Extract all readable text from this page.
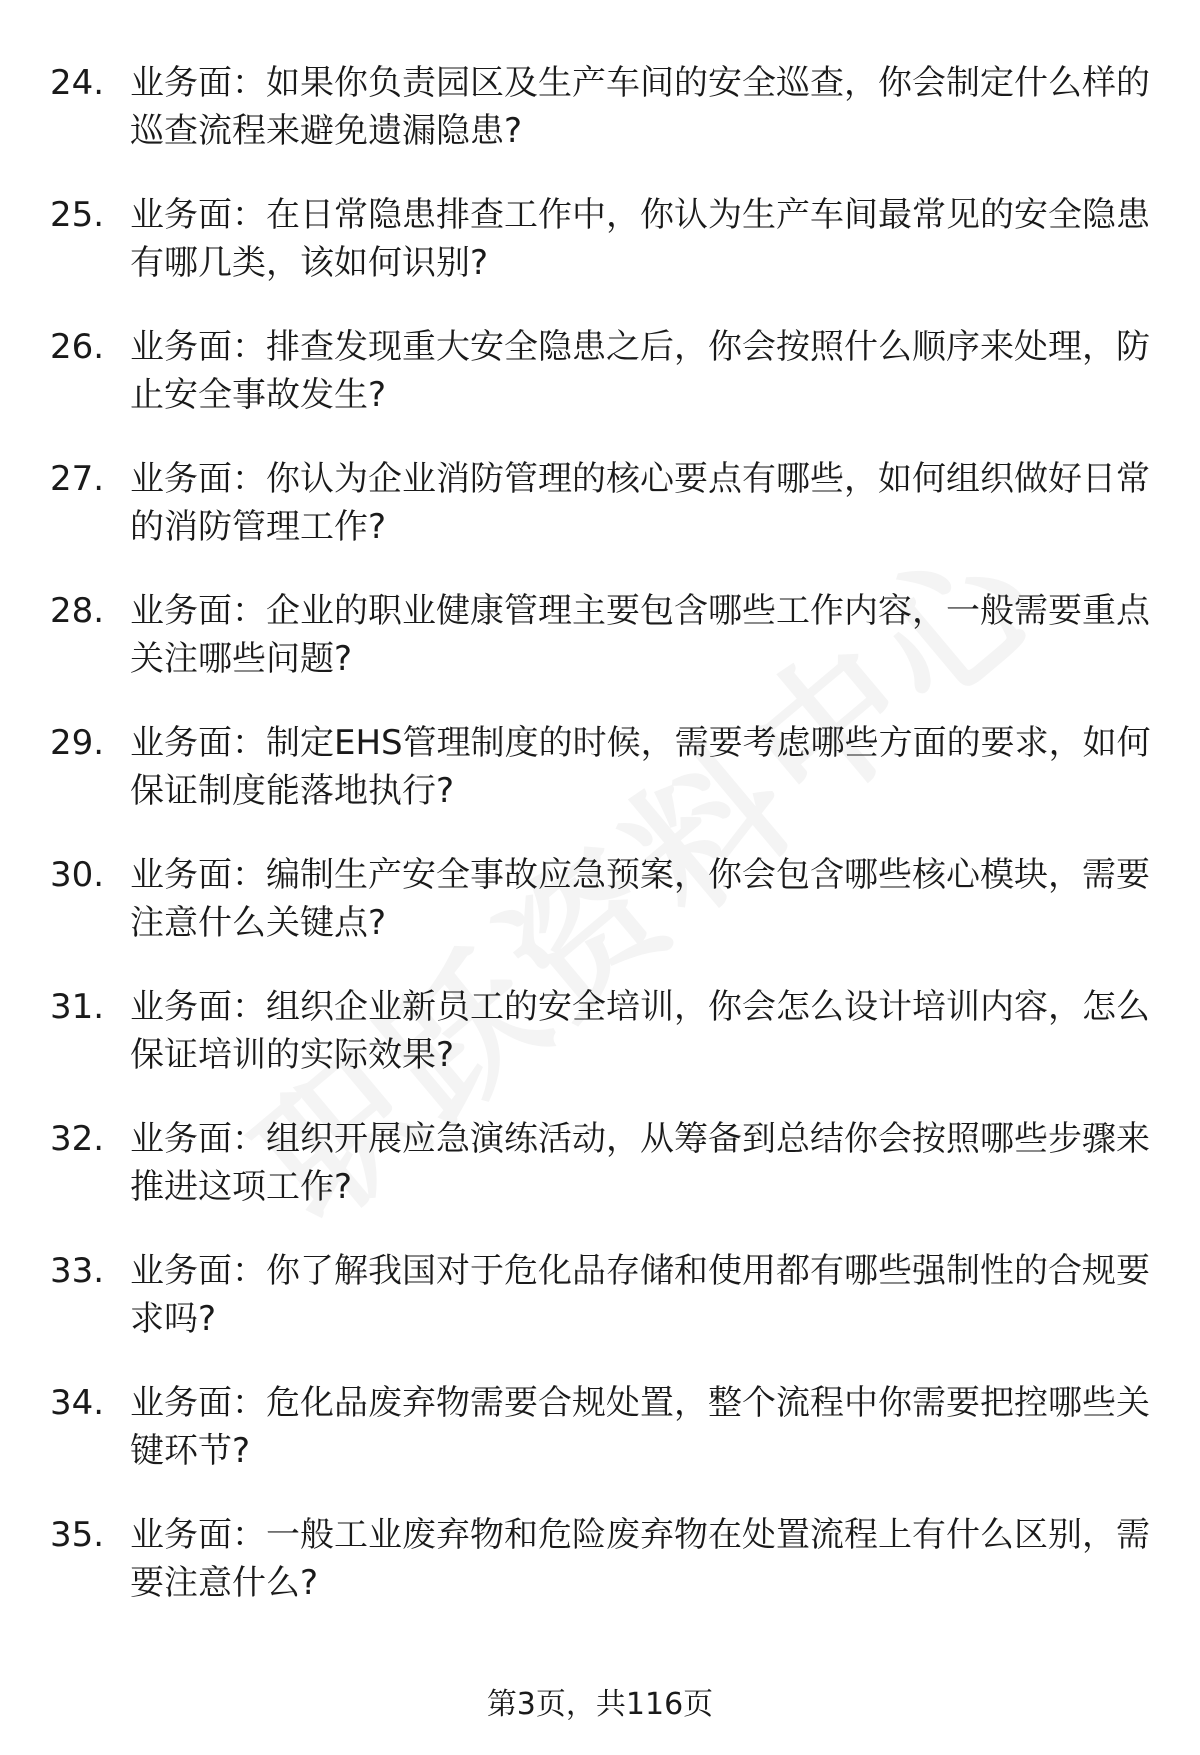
24. 业务面：如果你负责园区及生产车间的安全巡查，你会制定什么样的巡查流程来避免遗漏隐患?
25. 业务面：在日常隐患排查工作中，你认为生产车间最常见的安全隐患有哪几类，该如何识别?
26. 业务面：排查发现重大安全隐患之后，你会按照什么顺序来处理，防止安全事故发生?
27. 业务面：你认为企业消防管理的核心要点有哪些，如何组织做好日常的消防管理工作?
28. 业务面：企业的职业健康管理主要包含哪些工作内容，一般需要重点关注哪些问题?
29. 业务面：制定EHS管理制度的时候，需要考虑哪些方面的要求，如何保证制度能落地执行?
30. 业务面：编制生产安全事故应急预案，你会包含哪些核心模块，需要注意什么关键点?
31. 业务面：组织企业新员工的安全培训，你会怎么设计培训内容，怎么保证培训的实际效果?
32. 业务面：组织开展应急演练活动，从筹备到总结你会按照哪些步骤来推进这项工作?
33. 业务面：你了解我国对于危化品存储和使用都有哪些强制性的合规要求吗?
34. 业务面：危化品废弃物需要合规处置，整个流程中你需要把控哪些关键环节?
35. 业务面：一般工业废弃物和危险废弃物在处置流程上有什么区别，需要注意什么?
第3页，共116页
